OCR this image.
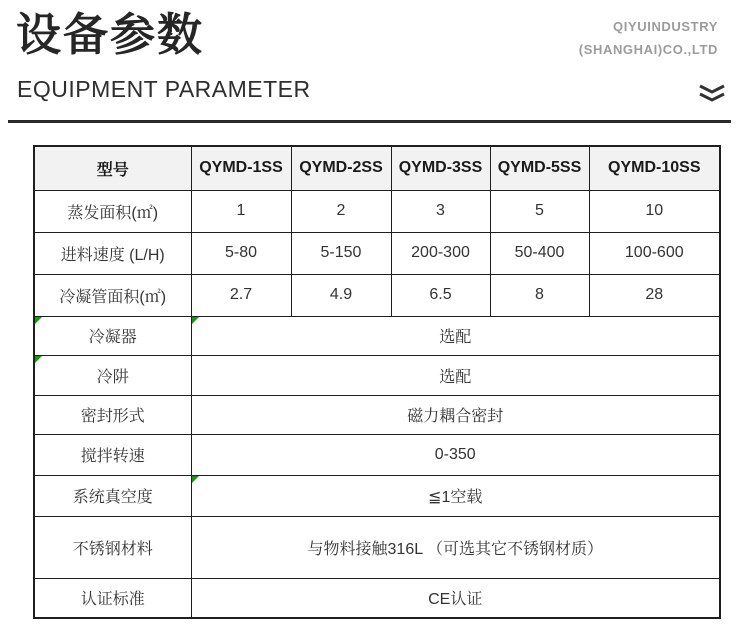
设备参数
EQUIPMENT PARAMETER
QIYUINDUSTRY
(SHANGHAI)CO.,LTD
型号	QYMD-1SS	QYMD-2SS	QYMD-3SS	QYMD-5SS	QYMD-10SS
蒸发面积(㎡)	1	2	3	5	10
进料速度 (L/H)	5-80	5-150	200-300	50-400	100-600
冷凝管面积(㎡)	2.7	4.9	6.5	8	28
冷凝器	选配				

冷阱	选配				
密封形式	磁力耦合密封				
搅拌转速	0-350				
系统真空度	≦1空载				

不锈钢材料	与物料接触316L （可选其它不锈钢材质）				
认证标准	CE认证				
